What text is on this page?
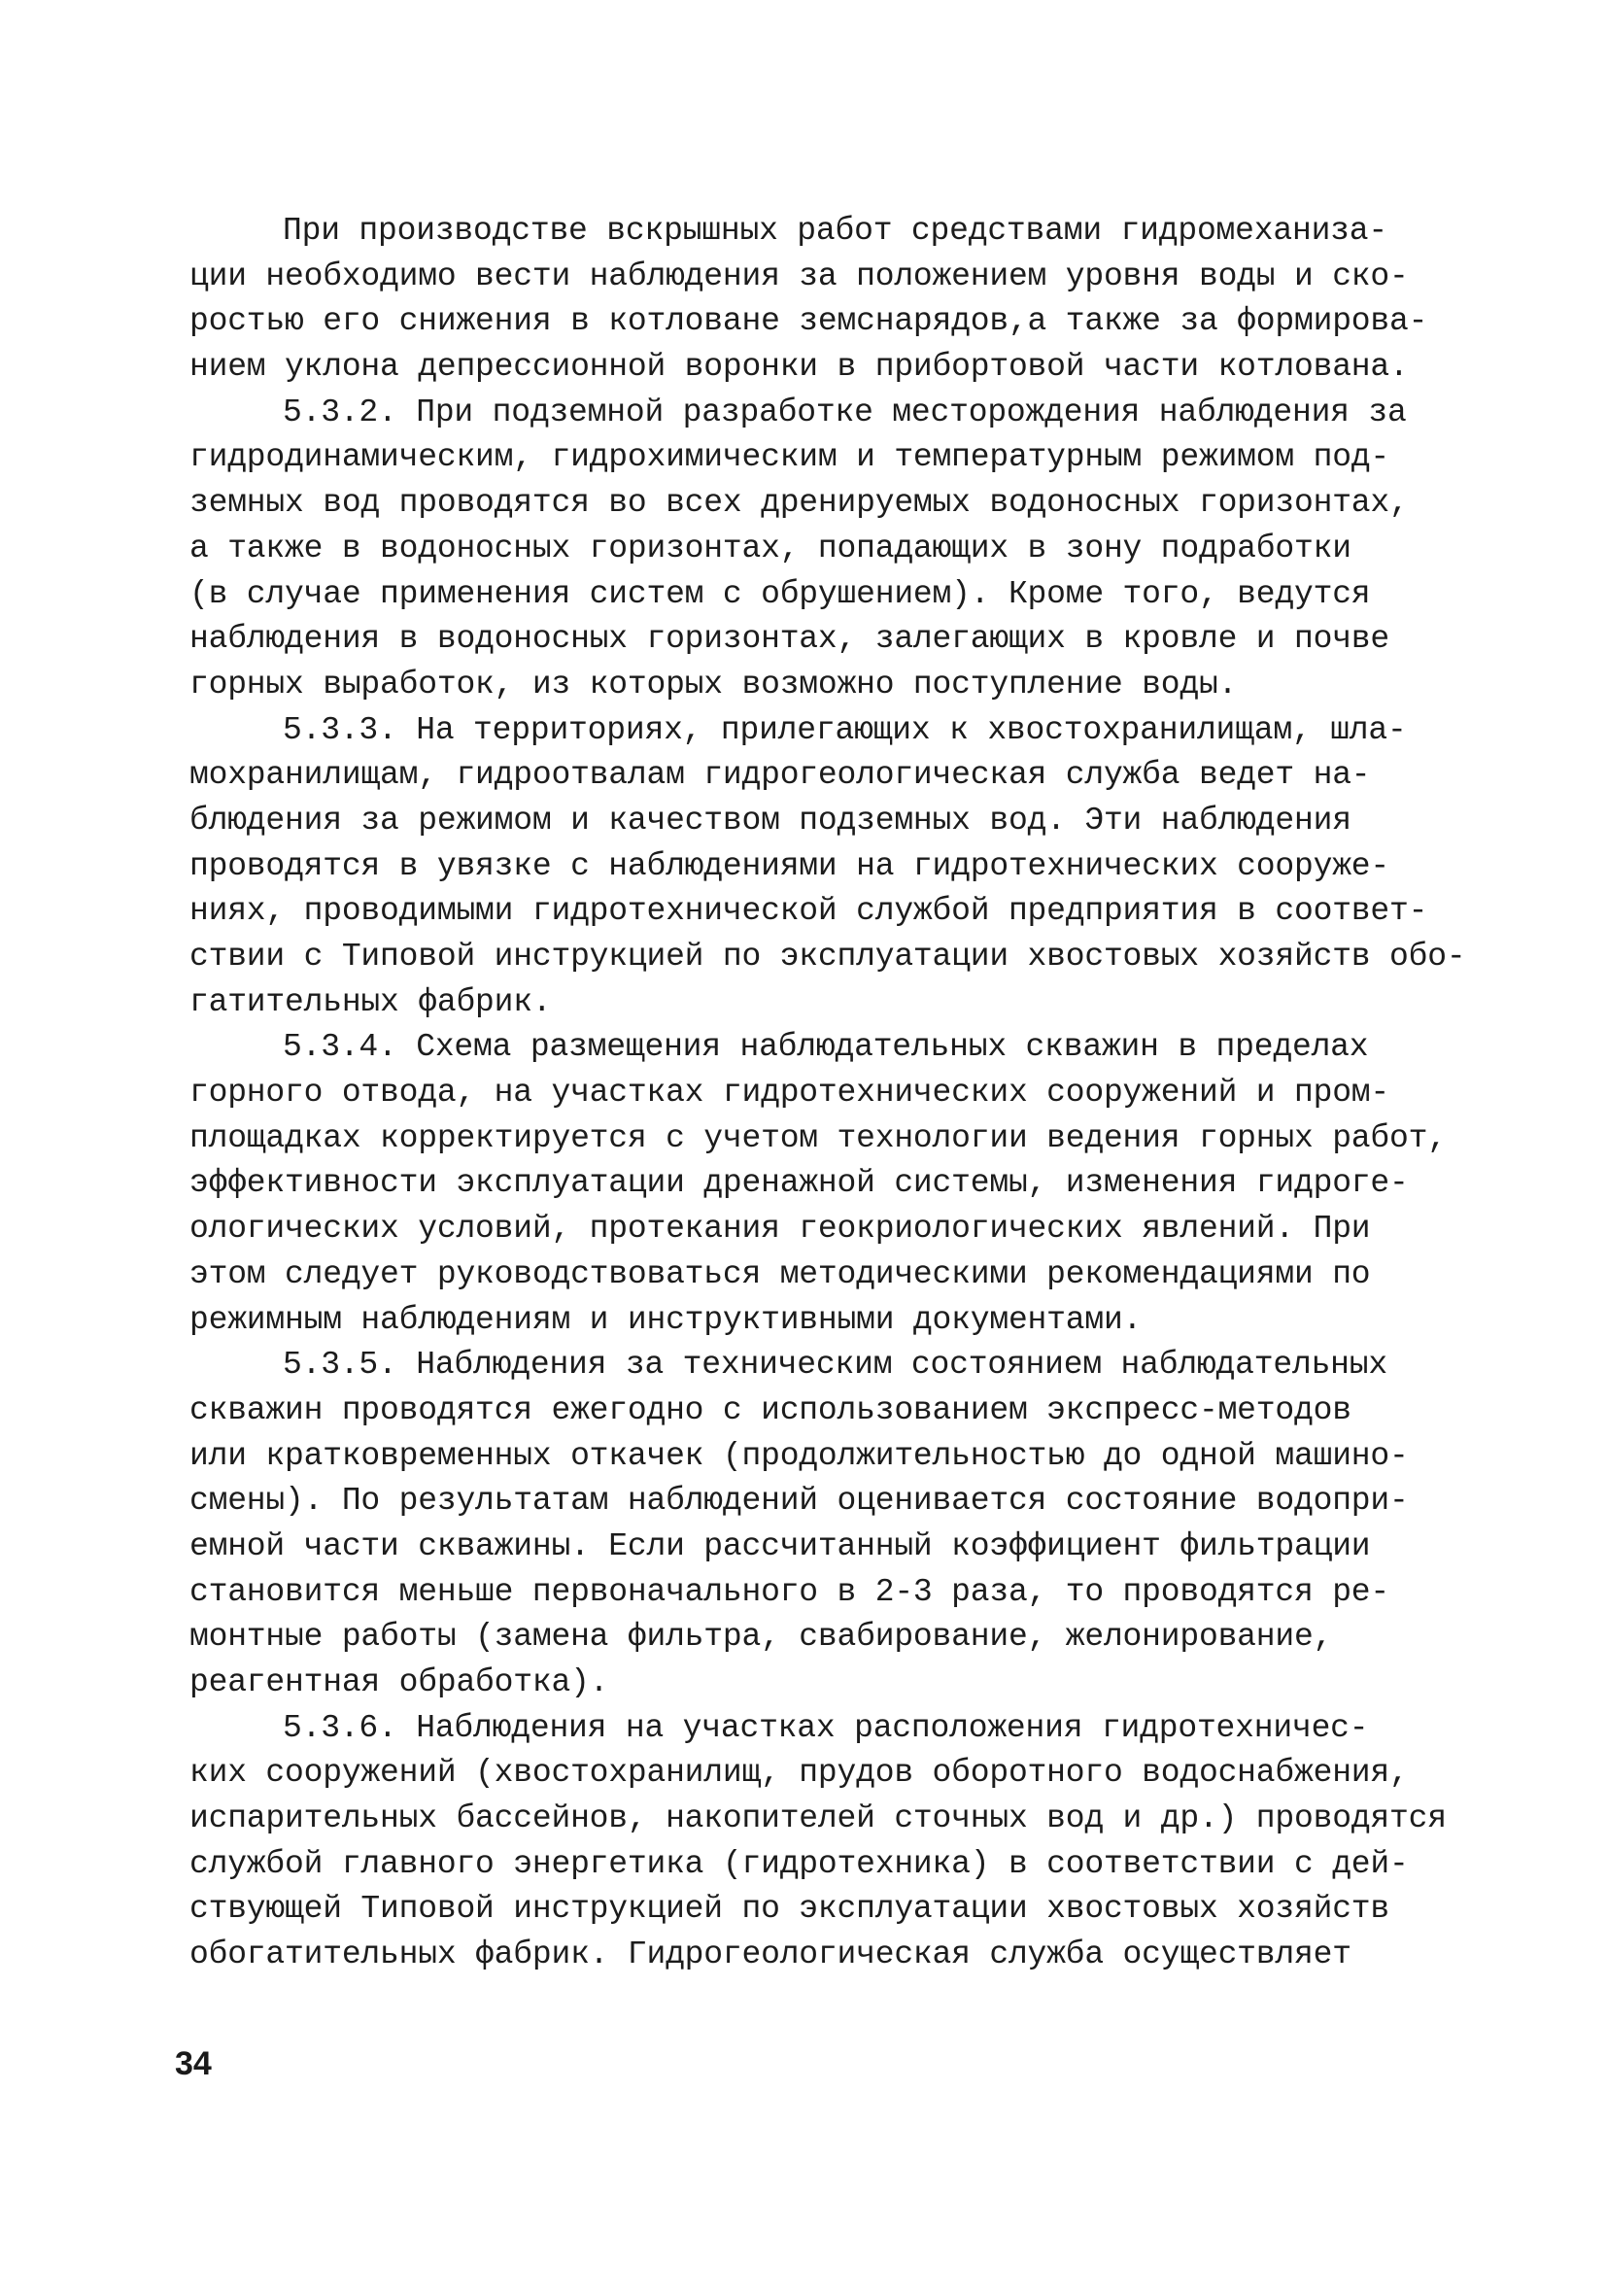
При производстве вскрышных работ средствами гидромеханиза-
ции необходимо вести наблюдения за положением уровня воды и ско-
ростью его снижения в котловане земснарядов,а также за формирова-
нием уклона депрессионной воронки в прибортовой части котлована.
5.3.2. При подземной разработке месторождения наблюдения за
гидродинамическим, гидрохимическим и температурным режимом под-
земных вод проводятся во всех дренируемых водоносных горизонтах,
а также в водоносных горизонтах, попадающих в зону подработки
(в случае применения систем с обрушением). Кроме того, ведутся
наблюдения в водоносных горизонтах, залегающих в кровле и почве
горных выработок, из которых возможно поступление воды.
5.3.3. На территориях, прилегающих к хвостохранилищам, шла-
мохранилищам, гидроотвалам гидрогеологическая служба ведет на-
блюдения за режимом и качеством подземных вод. Эти наблюдения
проводятся в увязке с наблюдениями на гидротехнических сооруже-
ниях, проводимыми гидротехнической службой предприятия в соответ-
ствии с Типовой инструкцией по эксплуатации хвостовых хозяйств обо-
гатительных фабрик.
5.3.4. Схема размещения наблюдательных скважин в пределах
горного отвода, на участках гидротехнических сооружений и пром-
площадках корректируется с учетом технологии ведения горных работ,
эффективности эксплуатации дренажной системы, изменения гидроге-
ологических условий, протекания геокриологических явлений. При
этом следует руководствоваться методическими рекомендациями по
режимным наблюдениям и инструктивными документами.
5.3.5. Наблюдения за техническим состоянием наблюдательных
скважин проводятся ежегодно с использованием экспресс-методов
или кратковременных откачек (продолжительностью до одной машино-
смены). По результатам наблюдений оценивается состояние водопри-
емной части скважины. Если рассчитанный коэффициент фильтрации
становится меньше первоначального в 2-3 раза, то проводятся ре-
монтные работы (замена фильтра, свабирование, желонирование,
реагентная обработка).
5.3.6. Наблюдения на участках расположения гидротехничес-
ких сооружений (хвостохранилищ, прудов оборотного водоснабжения,
испарительных бассейнов, накопителей сточных вод и др.) проводятся
службой главного энергетика (гидротехника) в соответствии с дей-
ствующей Типовой инструкцией по эксплуатации хвостовых хозяйств
обогатительных фабрик. Гидрогеологическая служба осуществляет
34
